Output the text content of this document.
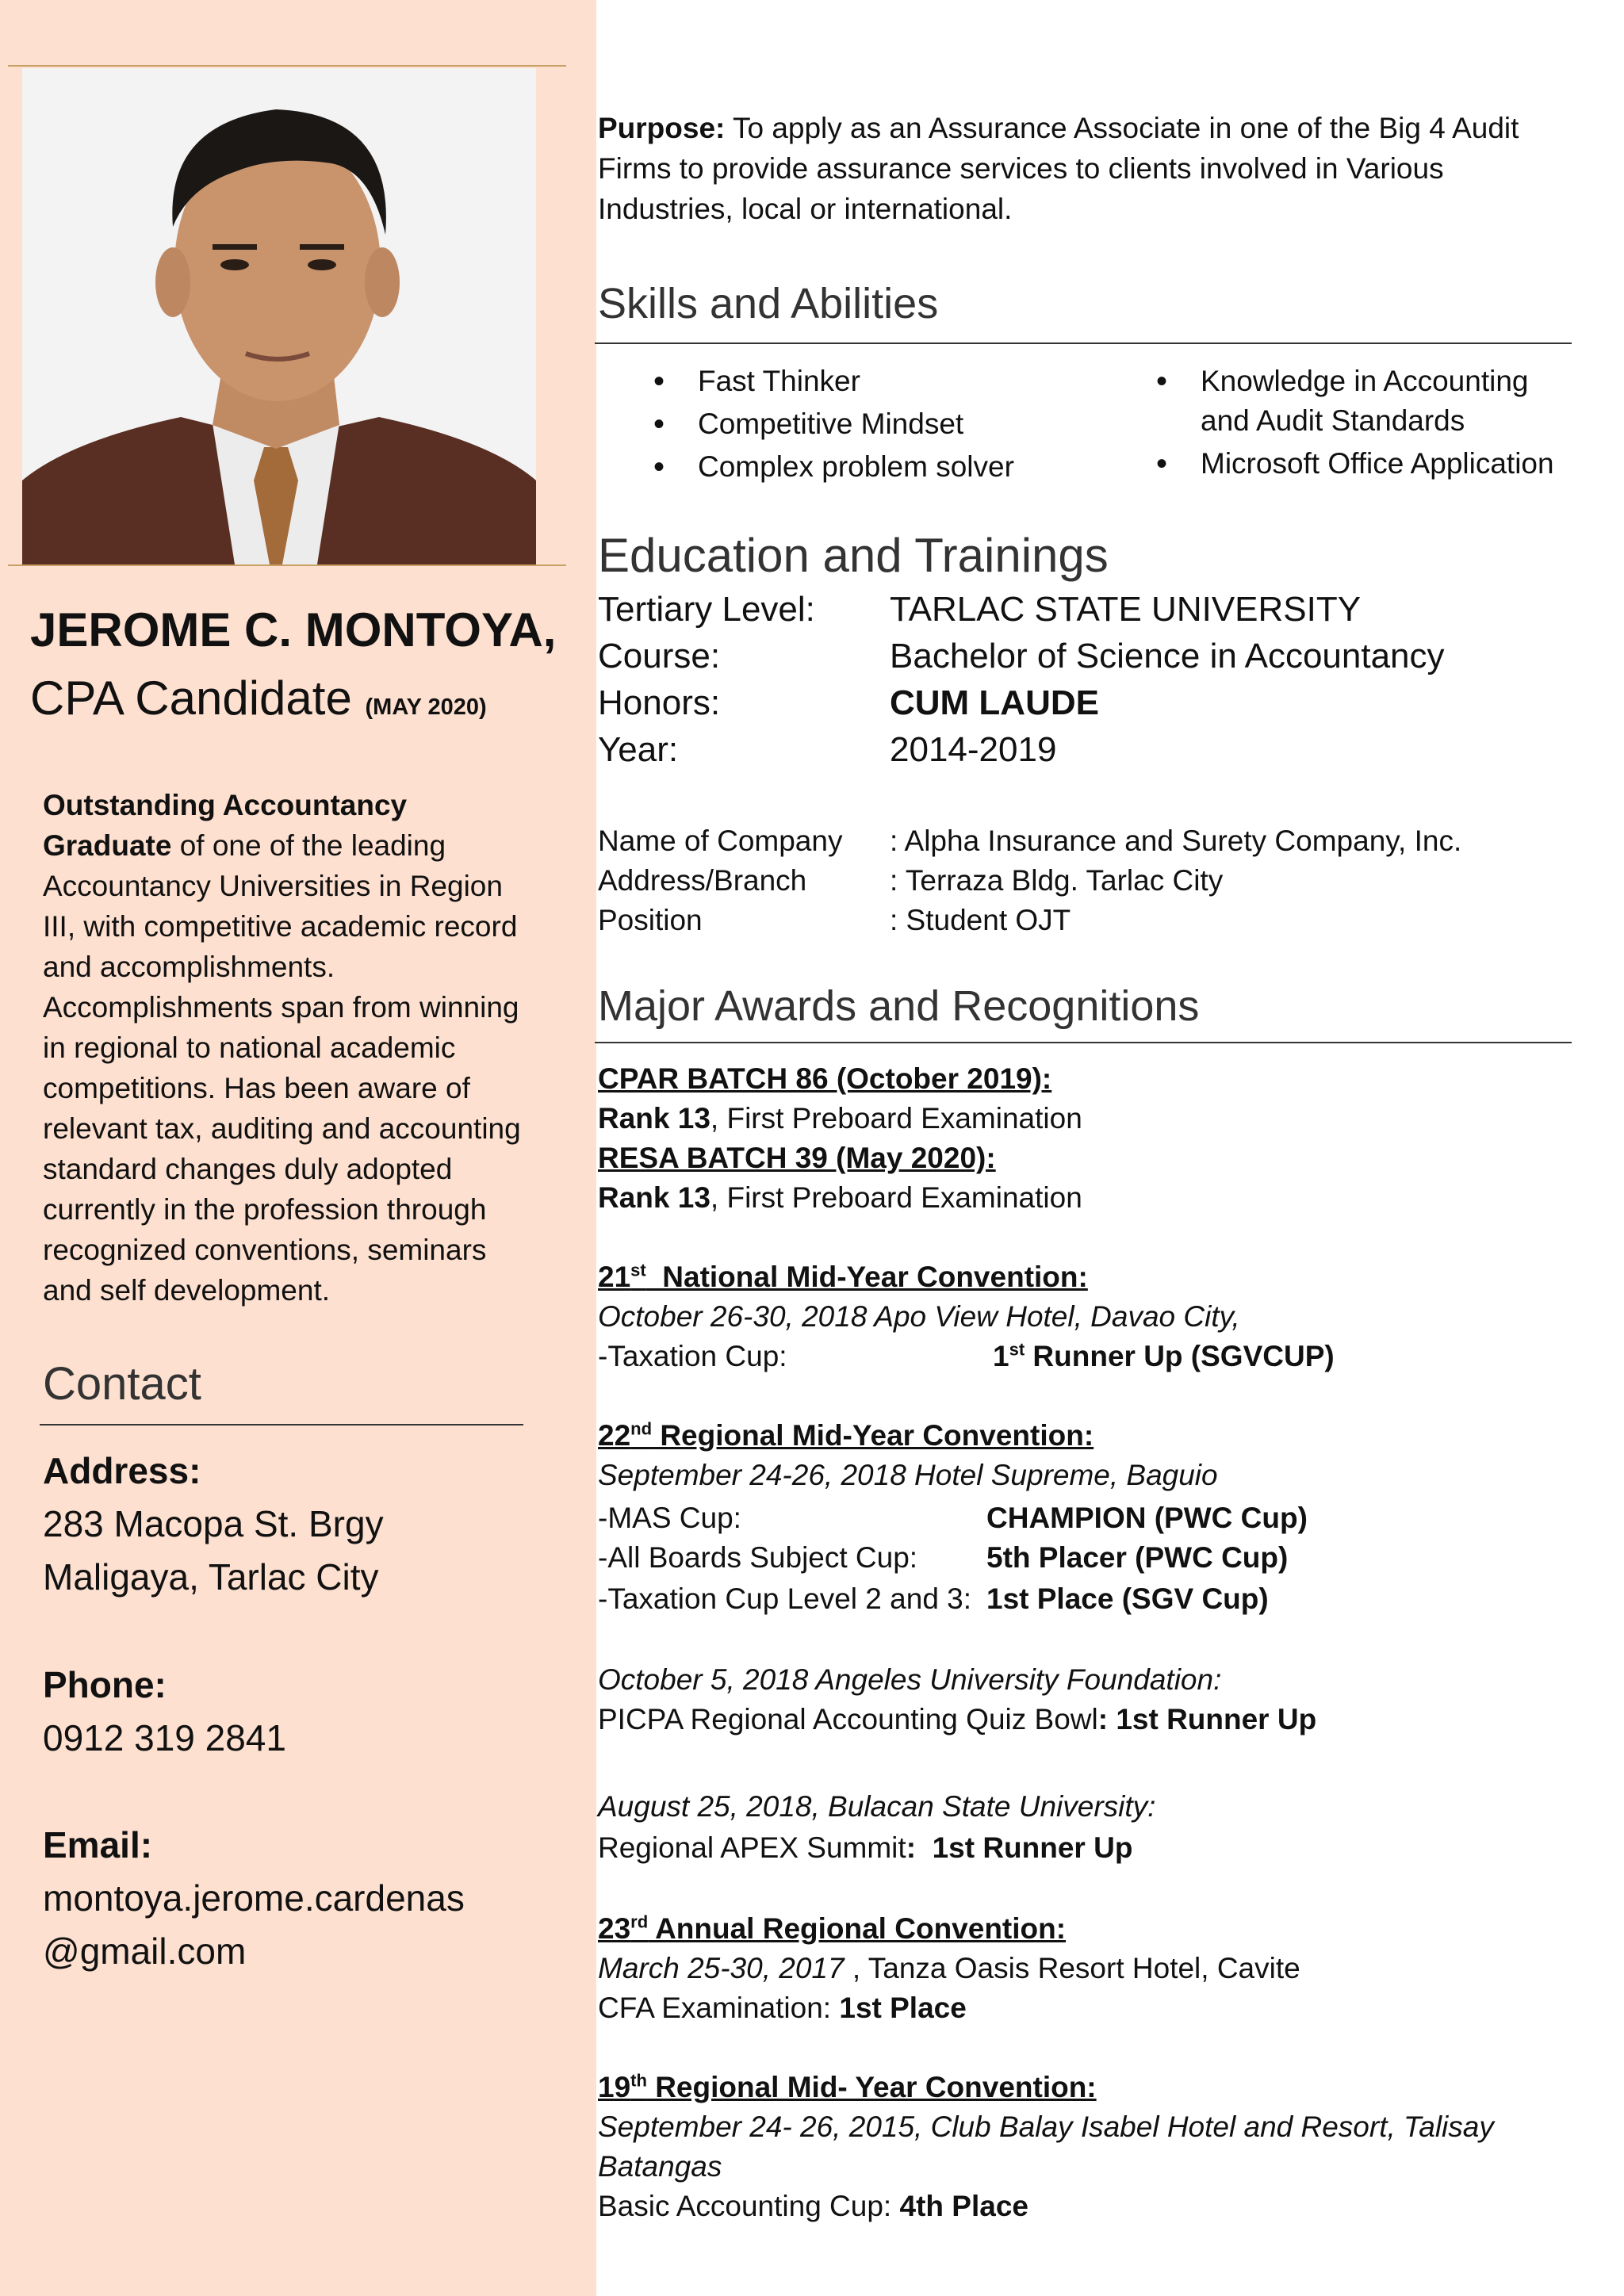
JEROME C. MONTOYA,
CPA Candidate (MAY 2020)
Outstanding Accountancy Graduate of one of the leading Accountancy Universities in Region III, with competitive academic record and accomplishments. Accomplishments span from winning in regional to national academic competitions. Has been aware of relevant tax, auditing and accounting standard changes duly adopted currently in the profession through recognized conventions, seminars and self development.
Contact
Address:
283 Macopa St. Brgy
Maligaya, Tarlac City
Phone:
0912 319 2841
Email:
montoya.jerome.cardenas
@gmail.com
Purpose: To apply as an Assurance Associate in one of the Big 4 Audit Firms to provide assurance services to clients involved in Various Industries, local or international.
Skills and Abilities
• Fast Thinker
• Competitive Mindset
• Complex problem solver
• Knowledge in Accounting and Audit Standards
• Microsoft Office Application
Education and Trainings
Tertiary Level: TARLAC STATE UNIVERSITY
Course:	Bachelor of Science in Accountancy
Honors:	CUM LAUDE
Year:	2014-2019
Name of Company : Alpha Insurance and Surety Company, Inc.
Address/Branch	: Terraza Bldg. Tarlac City
Position	: Student OJT
Major Awards and Recognitions
CPAR BATCH 86 (October 2019):
Rank 13, First Preboard Examination
RESA BATCH 39 (May 2020):
Rank 13, First Preboard Examination
21st  National Mid-Year Convention:
October 26-30, 2018 Apo View Hotel, Davao City,
-Taxation Cup:	1st Runner Up (SGVCUP)
22nd Regional Mid-Year Convention:
September 24-26, 2018 Hotel Supreme, Baguio
-MAS Cup:	CHAMPION (PWC Cup)
-All Boards Subject Cup: 5th Placer (PWC Cup)
-Taxation Cup Level 2 and 3: 1st Place (SGV Cup)
October 5, 2018 Angeles University Foundation:
PICPA Regional Accounting Quiz Bowl: 1st Runner Up
August 25, 2018, Bulacan State University:
Regional APEX Summit:  1st Runner Up
23rd Annual Regional Convention:
March 25-30, 2017 , Tanza Oasis Resort Hotel, Cavite
CFA Examination: 1st Place
19th Regional Mid- Year Convention:
September 24- 26, 2015, Club Balay Isabel Hotel and Resort, Talisay
Batangas
Basic Accounting Cup: 4th Place
